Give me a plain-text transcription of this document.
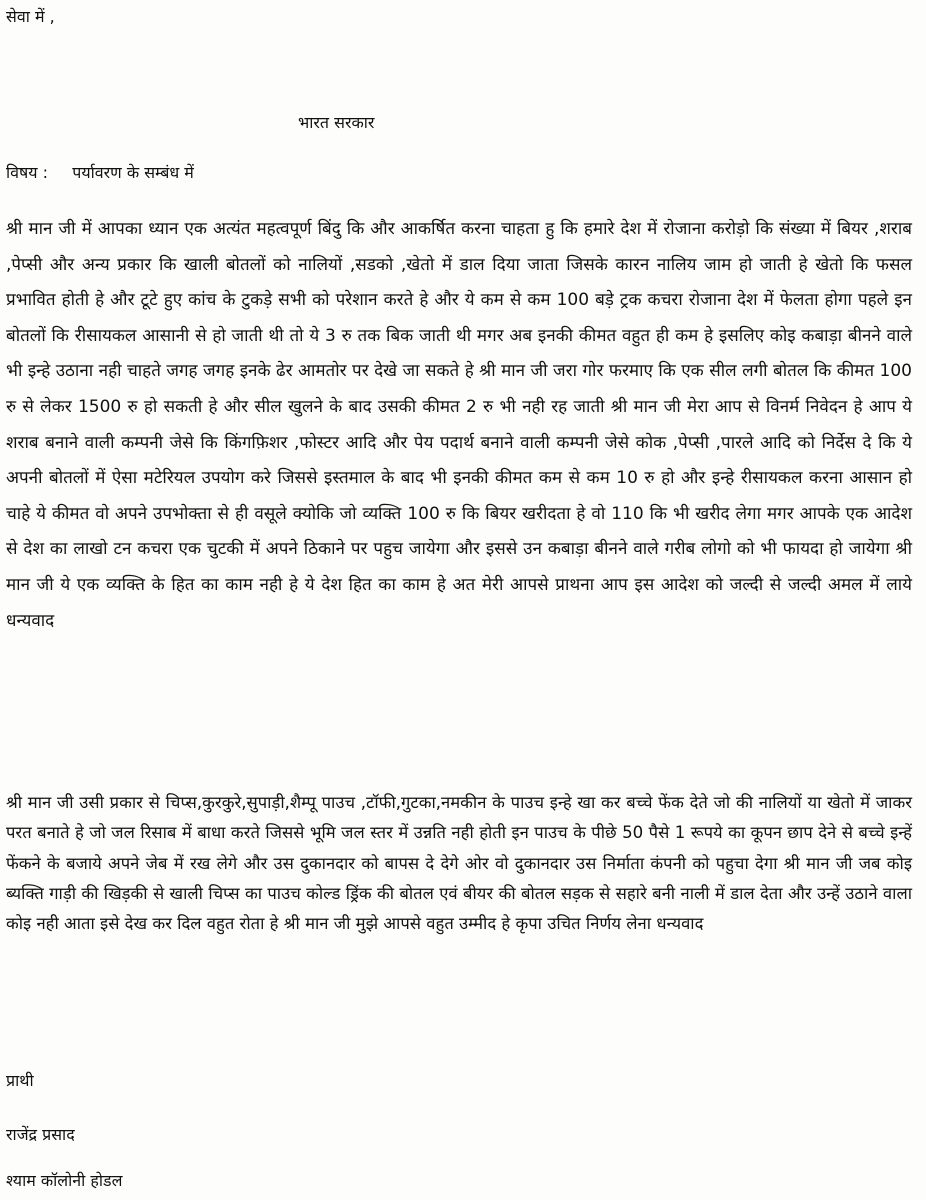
सेवा में ,
भारत सरकार
विषय : पर्यावरण के सम्बंध में

श्री मान जी में आपका ध्यान एक अत्यंत महत्वपूर्ण बिंदु कि और आकर्षित करना चाहता हु कि हमारे देश में रोजाना करोड़ो कि संख्या में बियर ,शराब ,पेप्सी और अन्य प्रकार कि खाली बोतलों को नालियों ,सडको ,खेतो में डाल दिया जाता जिसके कारन नालिय जाम हो जाती हे खेतो कि फसल प्रभावित होती हे और टूटे हुए कांच के टुकड़े सभी को परेशान करते हे और ये कम से कम 100 बड़े ट्रक कचरा रोजाना देश में फेलता होगा पहले इन बोतलों कि रीसायकल आसानी से हो जाती थी तो ये 3 रु तक बिक जाती थी मगर अब इनकी कीमत वहुत ही कम हे इसलिए कोइ कबाड़ा बीनने वाले भी इन्हे उठाना नही चाहते जगह जगह इनके ढेर आमतोर पर देखे जा सकते हे श्री मान जी जरा गोर फरमाए कि एक सील लगी बोतल कि कीमत 100 रु से लेकर 1500 रु हो सकती हे और सील खुलने के बाद उसकी कीमत 2 रु भी नही रह जाती श्री मान जी मेरा आप से विनर्म निवेदन हे आप ये शराब बनाने वाली कम्पनी जेसे कि किंगफ़िशर ,फोस्टर आदि और पेय पदार्थ बनाने वाली कम्पनी जेसे कोक ,पेप्सी ,पारले आदि को निर्देस दे कि ये अपनी बोतलों में ऐसा मटेरियल उपयोग करे जिससे इस्तमाल के बाद भी इनकी कीमत कम से कम 10 रु हो और इन्हे रीसायकल करना आसान हो चाहे ये कीमत वो अपने उपभोक्ता से ही वसूले क्योकि जो व्यक्ति 100 रु कि बियर खरीदता हे वो 110 कि भी खरीद लेगा मगर आपके एक आदेश से देश का लाखो टन कचरा एक चुटकी में अपने ठिकाने पर पहुच जायेगा और इससे उन कबाड़ा बीनने वाले गरीब लोगो को भी फायदा हो जायेगा श्री मान जी ये एक व्यक्ति के हित का काम नही हे ये देश हित का काम हे अत मेरी आपसे प्राथना आप इस आदेश को जल्दी से जल्दी अमल में लाये धन्यवाद

श्री मान जी उसी प्रकार से चिप्स,कुरकुरे,सुपाड़ी,शैम्पू पाउच ,टॉफी,गुटका,नमकीन के पाउच इन्हे खा कर बच्चे फेंक देते जो की नालियों या खेतो में जाकर परत बनाते हे जो जल रिसाब में बाधा करते जिससे भूमि जल स्तर में उन्नति नही होती इन पाउच के पीछे 50 पैसे 1 रूपये का कूपन छाप देने से बच्चे इन्हें फेंकने के बजाये अपने जेब में रख लेगे और उस दुकानदार को बापस दे देगे ओर वो दुकानदार उस निर्माता कंपनी को पहुचा देगा श्री मान जी जब कोइ ब्यक्ति गाड़ी की खिड़की से खाली चिप्स का पाउच कोल्ड ड्रिंक की बोतल एवं बीयर की बोतल सड़क से सहारे बनी नाली में डाल देता और उन्हें उठाने वाला कोइ नही आता इसे देख कर दिल वहुत रोता हे श्री मान जी मुझे आपसे वहुत उम्मीद हे कृपा उचित निर्णय लेना धन्यवाद

प्राथी
राजेंद्र प्रसाद
श्याम कॉलोनी होडल
